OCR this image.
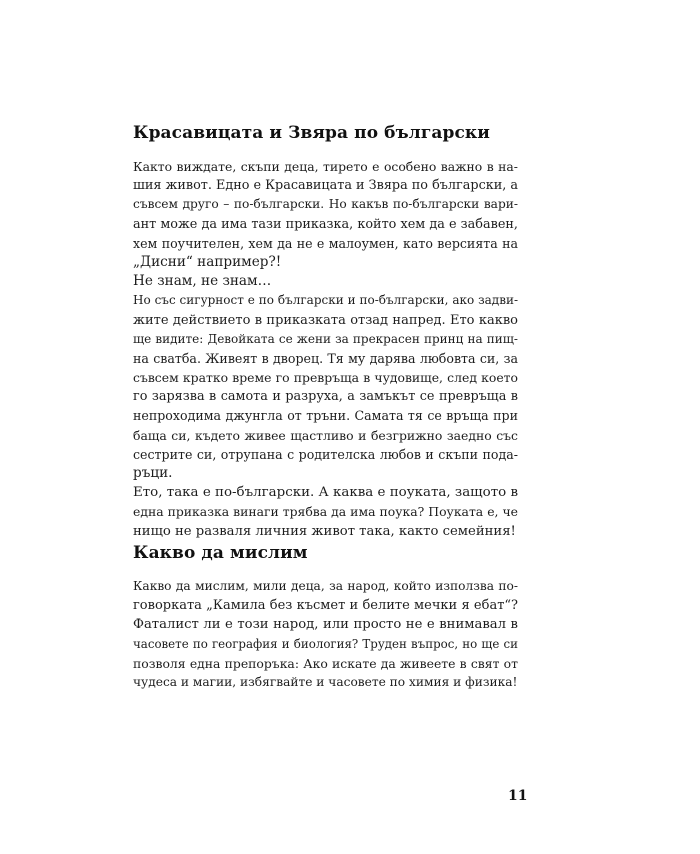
Красавицата и Звяра по български
Както виждате, скъпи деца, тирето е особено важно в на-
шия живот. Едно е Красавицата и Звяра по български, а
съвсем друго – по-български. Но какъв по-български вари-
ант може да има тази приказка, който хем да е забавен,
хем поучителен, хем да не е малоумен, като версията на
„Дисни“ например?!
Не знам, не знам…
Но със сигурност е по български и по-български, ако задви-
жите действието в приказката отзад напред. Ето какво
ще видите: Девойката се жени за прекрасен принц на пищ-
на сватба. Живеят в дворец. Тя му дарява любовта си, за
съвсем кратко време го превръща в чудовище, след което
го зарязва в самота и разруха, а замъкът се превръща в
непроходима джунгла от тръни. Самата тя се връща при
баща си, където живее щастливо и безгрижно заедно със
сестрите си, отрупана с родителска любов и скъпи пода-
ръци.
Ето, така е по-български. А каква е поуката, защото в
една приказка винаги трябва да има поука? Поуката е, че
нищо не разваля личния живот така, както семейния!
Какво да мислим
Какво да мислим, мили деца, за народ, който използва по-
говорката „Камила без късмет и белите мечки я ебат“?
Фаталист ли е този народ, или просто не е внимавал в
часовете по география и биология? Труден въпрос, но ще си
позволя една препоръка: Ако искате да живеете в свят от
чудеса и магии, избягвайте и часовете по химия и физика!
11
